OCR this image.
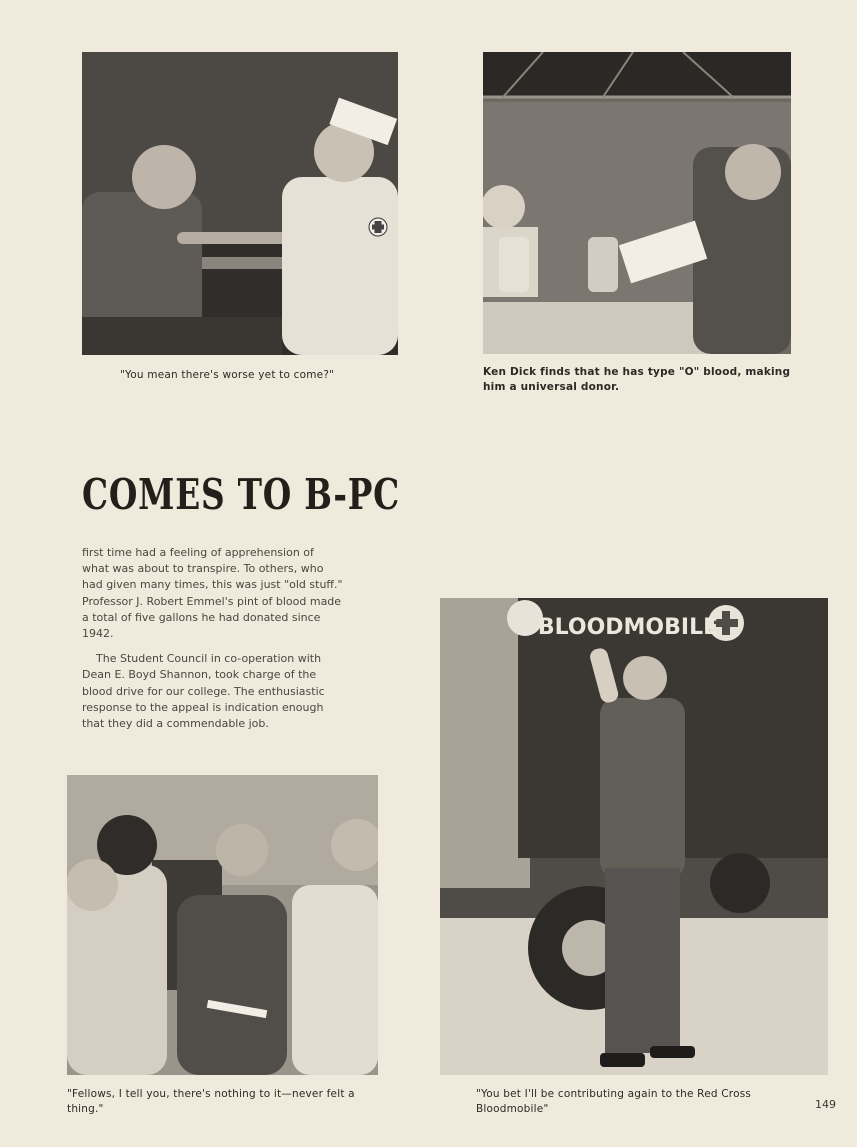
"You mean there's worse yet to come?"	Ken Dick finds that he has type "O" blood, making him a universal donor.
COMES TO B-PC

first time had a feeling of apprehension of what was about to transpire. To others, who had given many times, this was just "old stuff." Professor J. Robert Emmel's pint of blood made a total of five gallons he had donated since 1942.

The Student Council in co-operation with Dean E. Boyd Shannon, took charge of the blood drive for our college. The enthusiastic response to the appeal is indication enough that they did a commendable job.

"Fellows, I tell you, there's nothing to it—never felt a thing."
BLOODMOBILE
"You bet I'll be contributing again to the Red Cross Bloodmobile"	149
